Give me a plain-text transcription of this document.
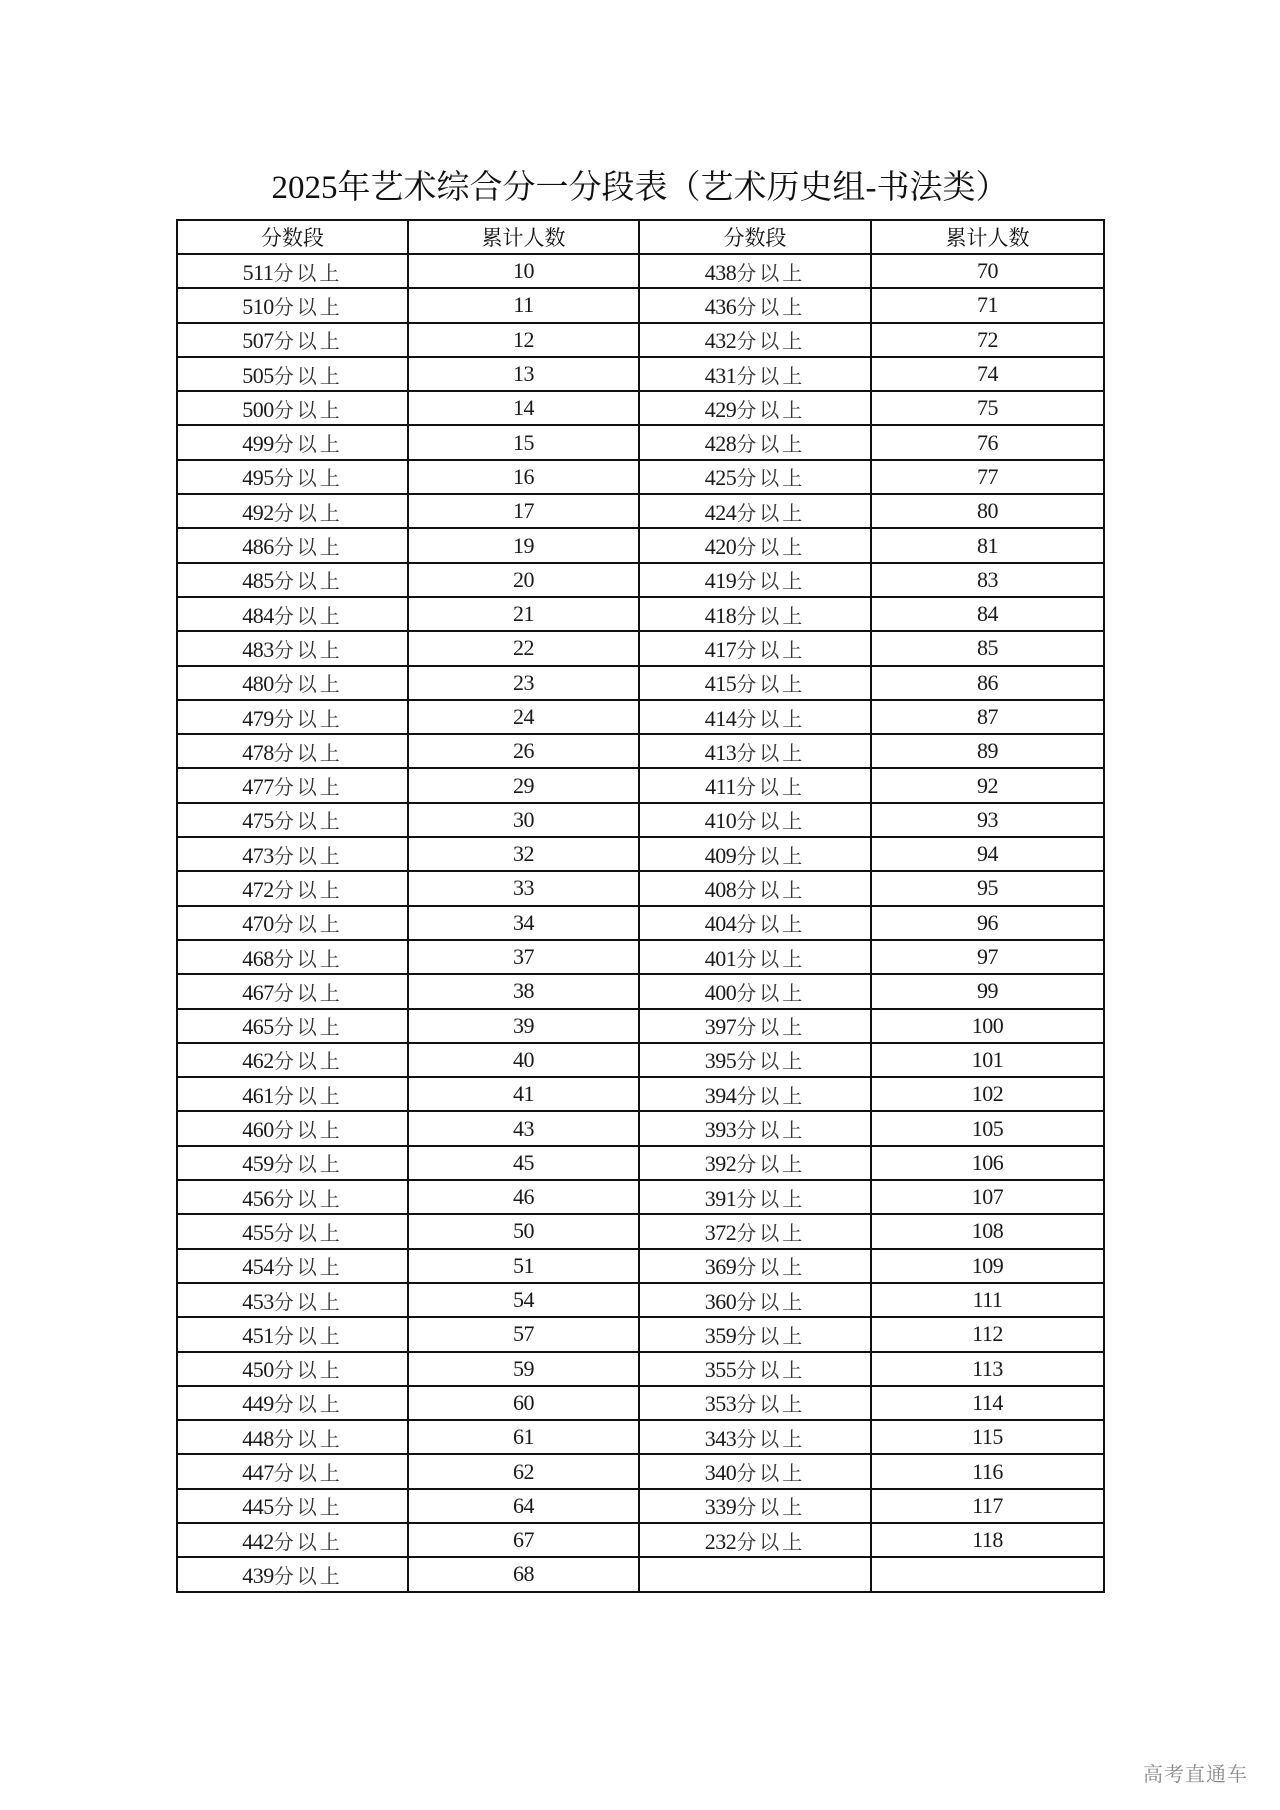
2025年艺术综合分一分段表（艺术历史组-书法类）
分数段	累计人数	分数段	累计人数
511分以上	10	438分以上	70
510分以上	11	436分以上	71
507分以上	12	432分以上	72
505分以上	13	431分以上	74
500分以上	14	429分以上	75
499分以上	15	428分以上	76
495分以上	16	425分以上	77
492分以上	17	424分以上	80
486分以上	19	420分以上	81
485分以上	20	419分以上	83
484分以上	21	418分以上	84
483分以上	22	417分以上	85
480分以上	23	415分以上	86
479分以上	24	414分以上	87
478分以上	26	413分以上	89
477分以上	29	411分以上	92
475分以上	30	410分以上	93
473分以上	32	409分以上	94
472分以上	33	408分以上	95
470分以上	34	404分以上	96
468分以上	37	401分以上	97
467分以上	38	400分以上	99
465分以上	39	397分以上	100
462分以上	40	395分以上	101
461分以上	41	394分以上	102
460分以上	43	393分以上	105
459分以上	45	392分以上	106
456分以上	46	391分以上	107
455分以上	50	372分以上	108
454分以上	51	369分以上	109
453分以上	54	360分以上	111
451分以上	57	359分以上	112
450分以上	59	355分以上	113
449分以上	60	353分以上	114
448分以上	61	343分以上	115
447分以上	62	340分以上	116
445分以上	64	339分以上	117
442分以上	67	232分以上	118
439分以上	68		
高考直通车
